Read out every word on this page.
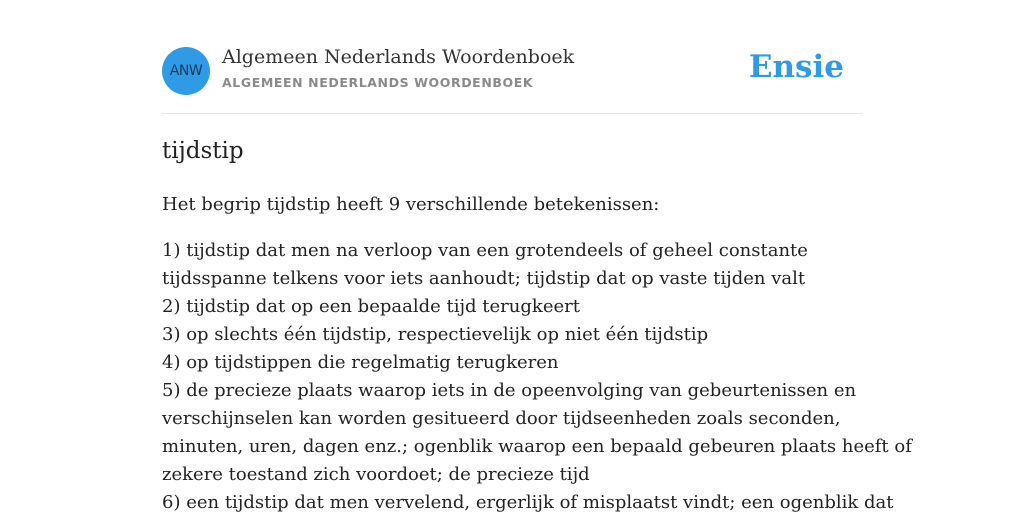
ANW
Algemeen Nederlands Woordenboek
ALGEMEEN NEDERLANDS WOORDENBOEK	Ensie
tijdstip

Het begrip tijdstip heeft 9 verschillende betekenissen:

1) tijdstip dat men na verloop van een grotendeels of geheel constante
tijdsspanne telkens voor iets aanhoudt; tijdstip dat op vaste tijden valt
2) tijdstip dat op een bepaalde tijd terugkeert
3) op slechts één tijdstip, respectievelijk op niet één tijdstip
4) op tijdstippen die regelmatig terugkeren
5) de precieze plaats waarop iets in de opeenvolging van gebeurtenissen en
verschijnselen kan worden gesitueerd door tijdseenheden zoals seconden,
minuten, uren, dagen enz.; ogenblik waarop een bepaald gebeuren plaats heeft of
zekere toestand zich voordoet; de precieze tijd
6) een tijdstip dat men vervelend, ergerlijk of misplaatst vindt; een ogenblik dat
